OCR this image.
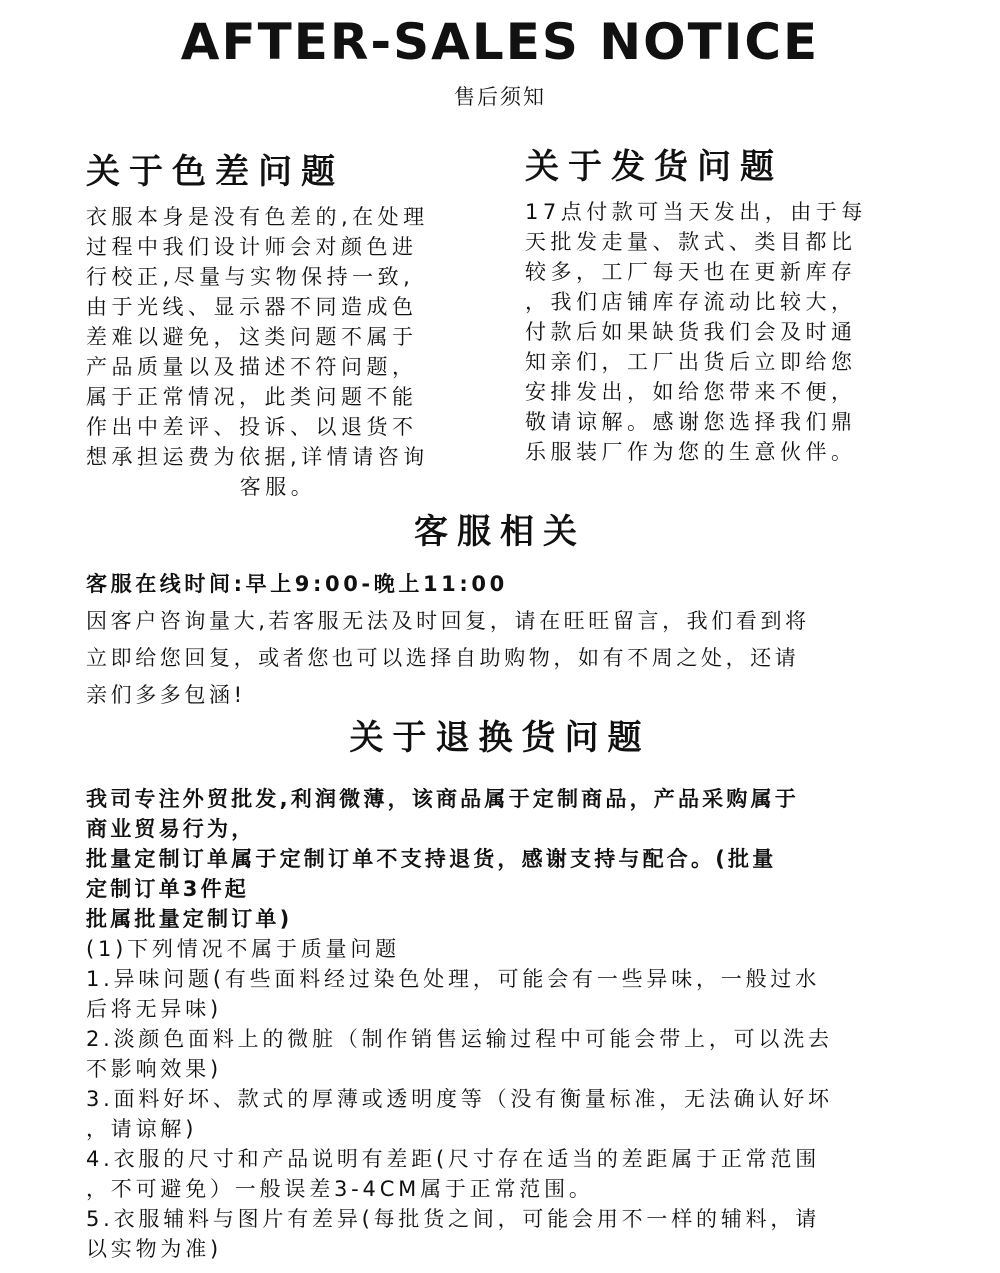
AFTER-SALES NOTICE
售后须知
关于色差问题
衣服本身是没有色差的,在处理
过程中我们设计师会对颜色进
行校正,尽量与实物保持一致,
由于光线、显示器不同造成色
差难以避免，这类问题不属于
产品质量以及描述不符问题，
属于正常情况，此类问题不能
作出中差评、投诉、以退货不
想承担运费为依据,详情请咨询
客服。
关于发货问题
17点付款可当天发出，由于每
天批发走量、款式、类目都比
较多，工厂每天也在更新库存
，我们店铺库存流动比较大，
付款后如果缺货我们会及时通
知亲们，工厂出货后立即给您
安排发出，如给您带来不便，
敬请谅解。感谢您选择我们鼎
乐服装厂作为您的生意伙伴。
客服相关
客服在线时间:早上9:00-晚上11:00
因客户咨询量大,若客服无法及时回复，请在旺旺留言，我们看到将
立即给您回复，或者您也可以选择自助购物，如有不周之处，还请
亲们多多包涵!
关于退换货问题
我司专注外贸批发,利润微薄，该商品属于定制商品，产品采购属于
商业贸易行为，
批量定制订单属于定制订单不支持退货，感谢支持与配合。(批量
定制订单3件起
批属批量定制订单)
(1)下列情况不属于质量问题
1.异味问题(有些面料经过染色处理，可能会有一些异味，一般过水
后将无异味)
2.淡颜色面料上的微脏（制作销售运输过程中可能会带上，可以洗去
不影响效果)
3.面料好坏、款式的厚薄或透明度等（没有衡量标准，无法确认好坏
，请谅解)
4.衣服的尺寸和产品说明有差距(尺寸存在适当的差距属于正常范围
，不可避免）一般误差3-4CM属于正常范围。
5.衣服辅料与图片有差异(每批货之间，可能会用不一样的辅料，请
以实物为准)
